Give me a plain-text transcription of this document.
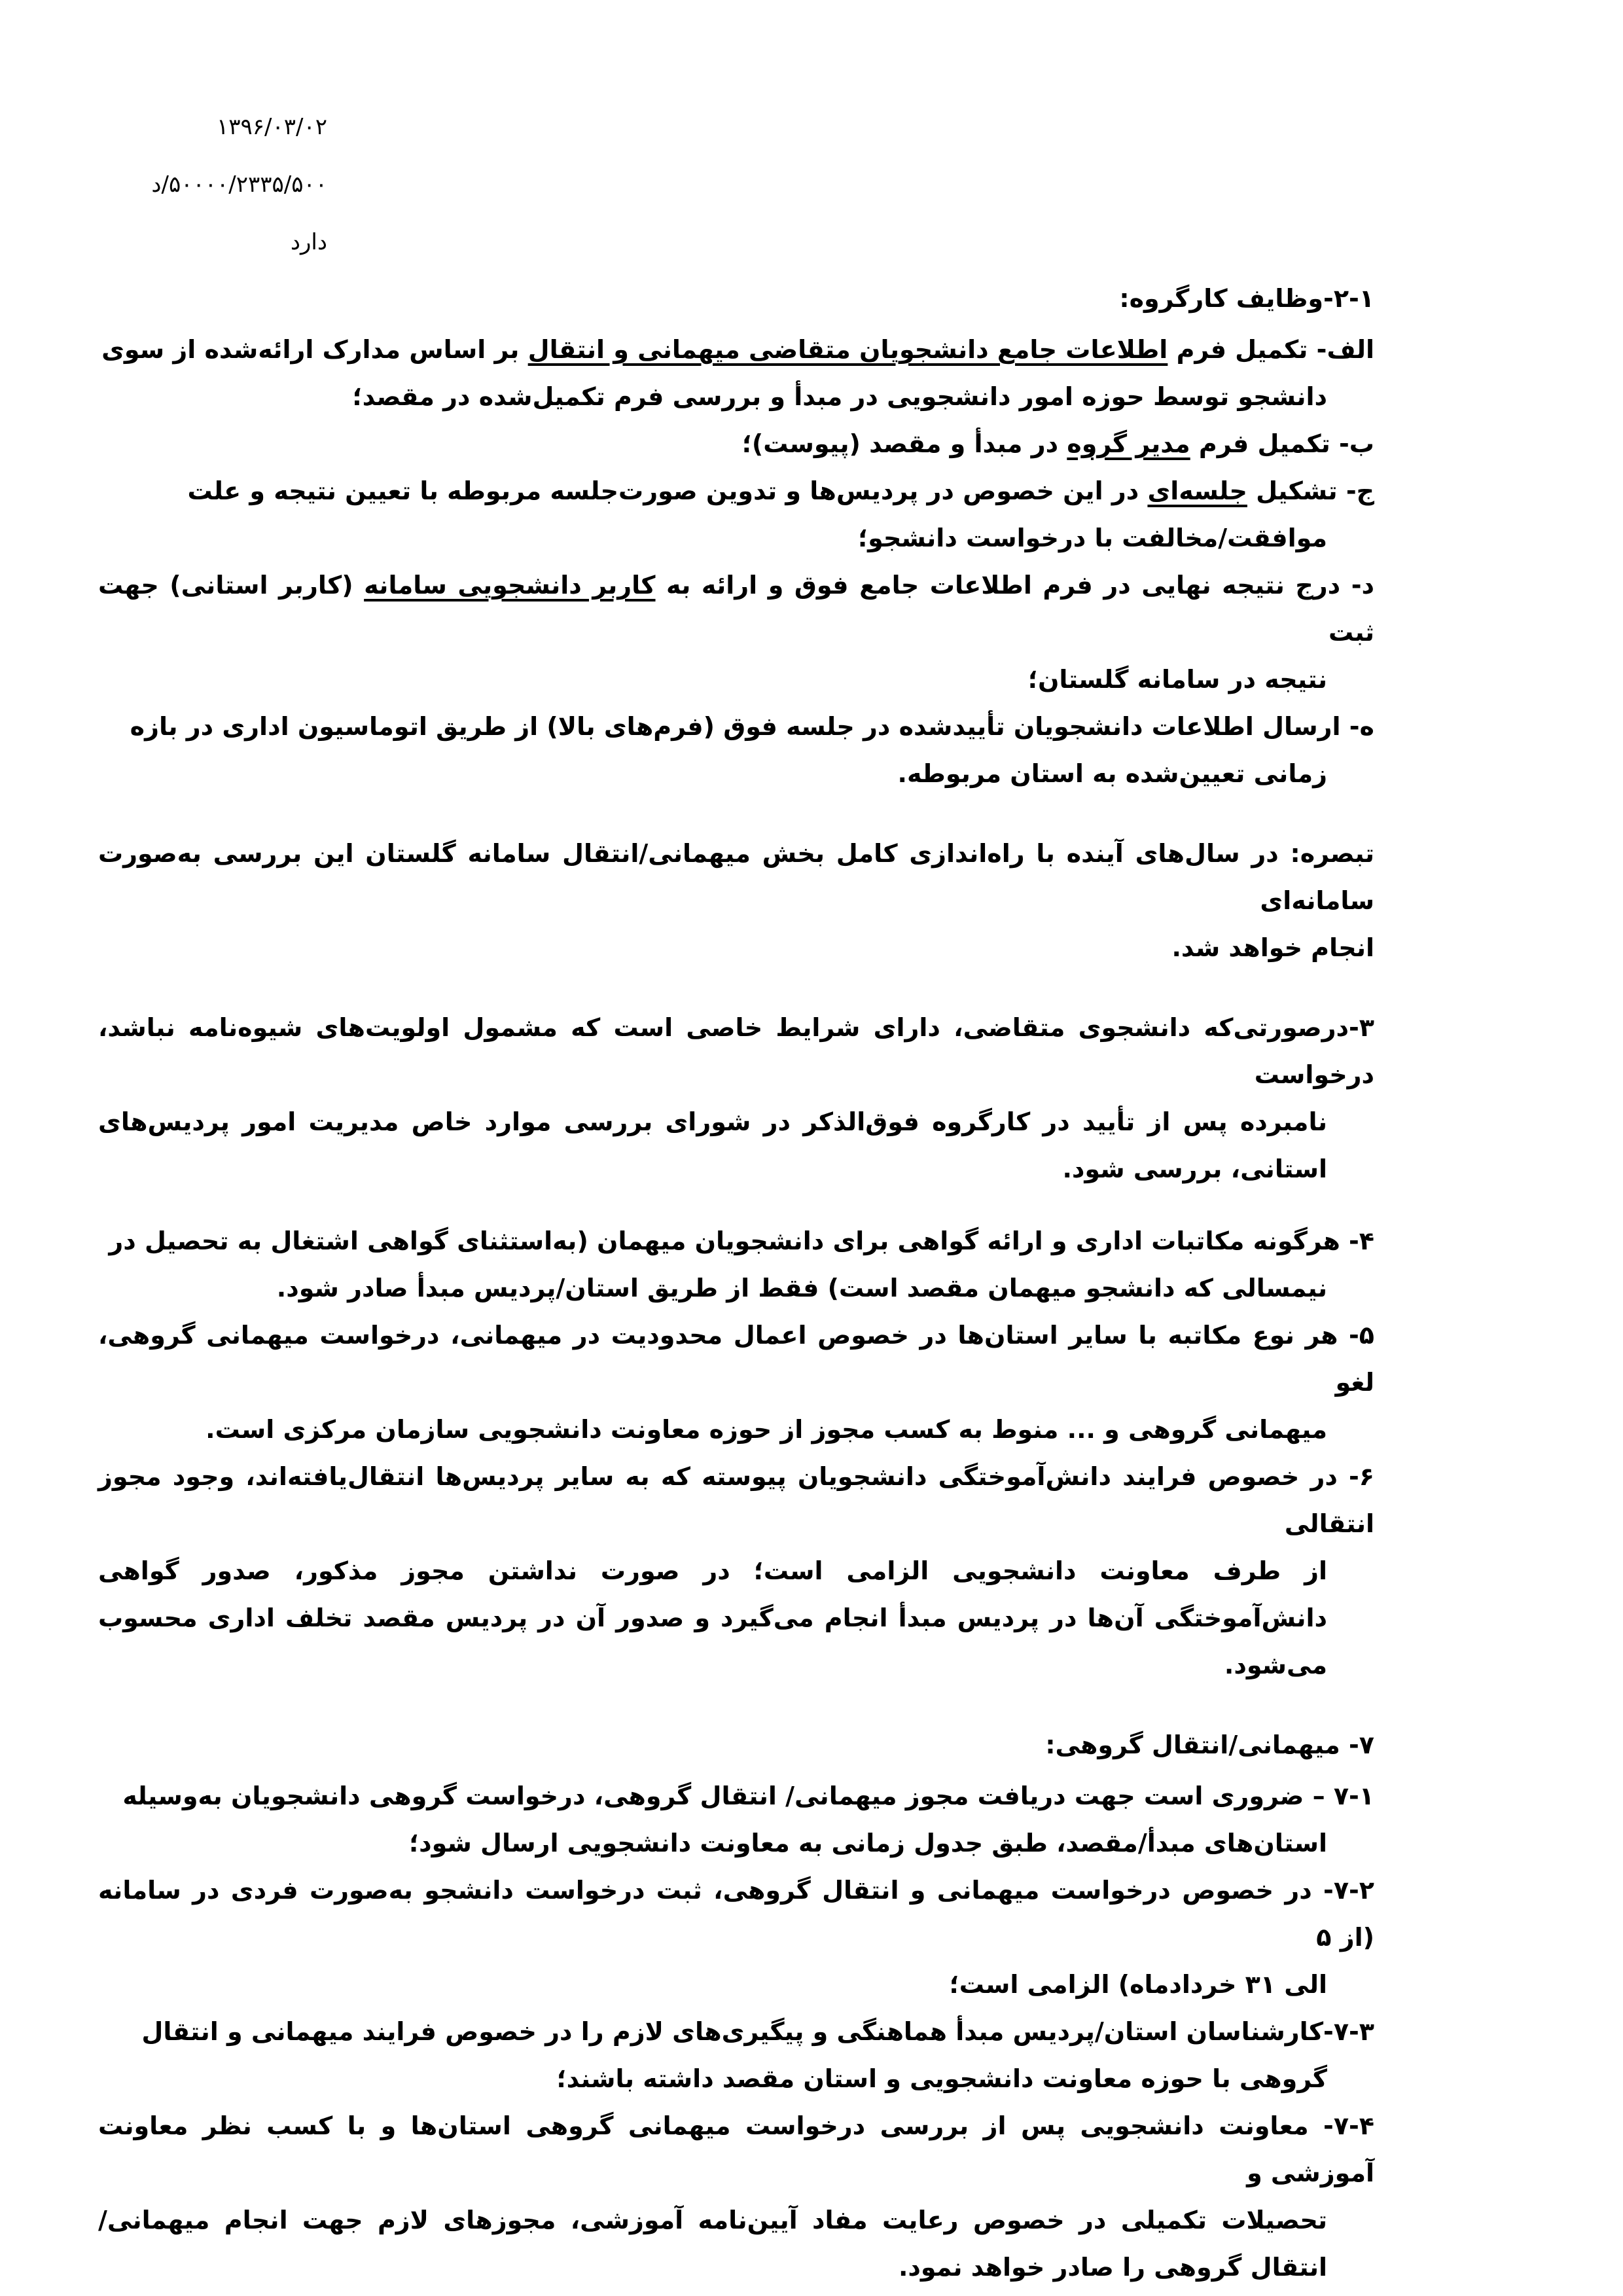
۱۳۹۶/۰۳/۰۲
۵۰۰۰۰/۲۳۳۵/۵۰۰/د
دارد

۲-۱-وظایف کارگروه:

الف- تکمیل فرم اطلاعات جامع دانشجویان متقاضی میهمانی و انتقال بر اساس مدارک ارائه‌شده از سوی

دانشجو توسط حوزه امور دانشجویی در مبدأ و بررسی فرم تکمیل‌شده در مقصد؛

ب- تکمیل فرم مدیر گروه در مبدأ و مقصد (پیوست)؛

ج- تشکیل جلسه‌ای در این خصوص در پردیس‌ها و تدوین صورت‌جلسه مربوطه با تعیین نتیجه و علت

موافقت/مخالفت با درخواست دانشجو؛

د- درج نتیجه نهایی در فرم اطلاعات جامع فوق و ارائه به کاربر دانشجویی سامانه (کاربر استانی) جهت ثبت

نتیجه در سامانه گلستان؛

ه- ارسال اطلاعات دانشجویان تأییدشده در جلسه فوق (فرم‌های بالا) از طریق اتوماسیون اداری در بازه

زمانی تعیین‌شده به استان مربوطه.

تبصره: در سال‌های آینده با راه‌اندازی کامل بخش میهمانی/انتقال سامانه گلستان این بررسی به‌صورت سامانه‌ای

انجام خواهد شد.

۳-درصورتی‌که دانشجوی متقاضی، دارای شرایط خاصی است که مشمول اولویت‌های شیوه‌نامه نباشد، درخواست

نامبرده پس از تأیید در کارگروه فوق‌الذکر در شورای بررسی موارد خاص مدیریت امور پردیس‌های استانی، بررسی شود.

۴- هرگونه مکاتبات اداری و ارائه گواهی برای دانشجویان میهمان (به‌استثنای گواهی اشتغال به تحصیل در

نیمسالی که دانشجو میهمان مقصد است) فقط از طریق استان/پردیس مبدأ صادر شود.

۵- هر نوع مکاتبه با سایر استان‌ها در خصوص اعمال محدودیت در میهمانی، درخواست میهمانی گروهی، لغو

میهمانی گروهی و ... منوط به کسب مجوز از حوزه معاونت دانشجویی سازمان مرکزی است.

۶- در خصوص فرایند دانش‌آموختگی دانشجویان پیوسته که به سایر پردیس‌ها انتقال‌یافته‌اند، وجود مجوز انتقالی

از طرف معاونت دانشجویی الزامی است؛ در صورت نداشتن مجوز مذکور، صدور گواهی دانش‌آموختگی آن‌ها در پردیس مبدأ انجام می‌گیرد و صدور آن در پردیس مقصد تخلف اداری محسوب می‌شود.

۷- میهمانی/انتقال گروهی:

۷-۱ – ضروری است جهت دریافت مجوز میهمانی/ انتقال گروهی، درخواست گروهی دانشجویان به‌وسیله

استان‌های مبدأ/مقصد، طبق جدول زمانی به معاونت دانشجویی ارسال شود؛

۷-۲- در خصوص درخواست میهمانی و انتقال گروهی، ثبت درخواست دانشجو به‌صورت فردی در سامانه (از ۵

الی ۳۱ خردادماه) الزامی است؛

۷-۳-کارشناسان استان/پردیس مبدأ هماهنگی و پیگیری‌های لازم را در خصوص فرایند میهمانی و انتقال

گروهی با حوزه معاونت دانشجویی و استان مقصد داشته باشند؛

۷-۴- معاونت دانشجویی پس از بررسی درخواست میهمانی گروهی استان‌ها و با کسب نظر معاونت آموزشی و

تحصیلات تکمیلی در خصوص رعایت مفاد آیین‌نامه آموزشی، مجوزهای لازم جهت انجام میهمانی/انتقال گروهی را صادر خواهد نمود.
